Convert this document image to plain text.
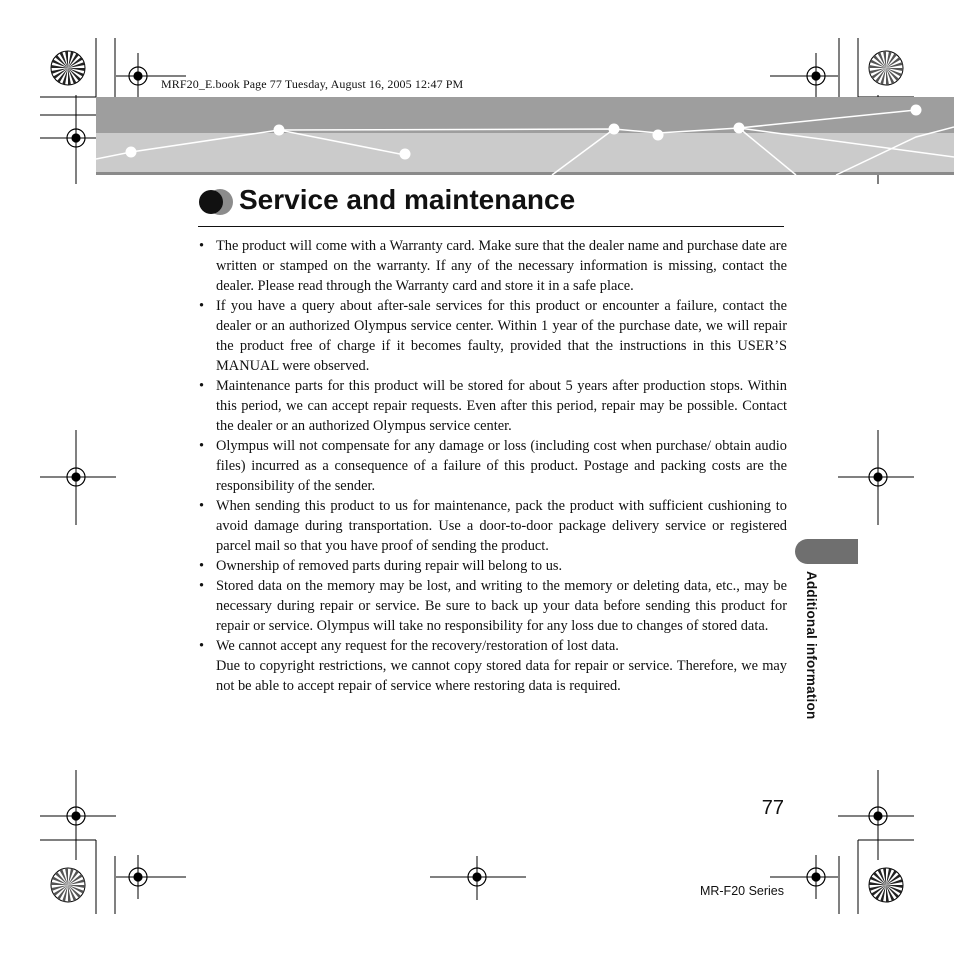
MRF20_E.book Page 77 Tuesday, August 16, 2005 12:47 PM
Service and maintenance
• The product will come with a Warranty card. Make sure that the dealer name and purchase date are written or stamped on the warranty. If any of the necessary information is missing, contact the dealer. Please read through the Warranty card and store it in a safe place.

• If you have a query about after-sale services for this product or encounter a failure, contact the dealer or an authorized Olympus service center. Within 1 year of the purchase date, we will repair the product free of charge if it becomes faulty, provided that the instructions in this USER’S MANUAL were observed.

• Maintenance parts for this product will be stored for about 5 years after production stops. Within this period, we can accept repair requests. Even after this period, repair may be possible. Contact the dealer or an authorized Olympus service center.

• Olympus will not compensate for any damage or loss (including cost when purchase/ obtain audio files) incurred as a consequence of a failure of this product. Postage and packing costs are the responsibility of the sender.

• When sending this product to us for maintenance, pack the product with sufficient cushioning to avoid damage during transportation. Use a door-to-door package delivery service or registered parcel mail so that you have proof of sending the product.

• Ownership of removed parts during repair will belong to us.

• Stored data on the memory may be lost, and writing to the memory or deleting data, etc., may be necessary during repair or service. Be sure to back up your data before sending this product for repair or service. Olympus will take no responsibility for any loss due to changes of stored data.

• We cannot accept any request for the recovery/restoration of lost data.

Due to copyright restrictions, we cannot copy stored data for repair or service. Therefore, we may not be able to accept repair of service where restoring data is required.	Additional information
77
MR-F20 Series
